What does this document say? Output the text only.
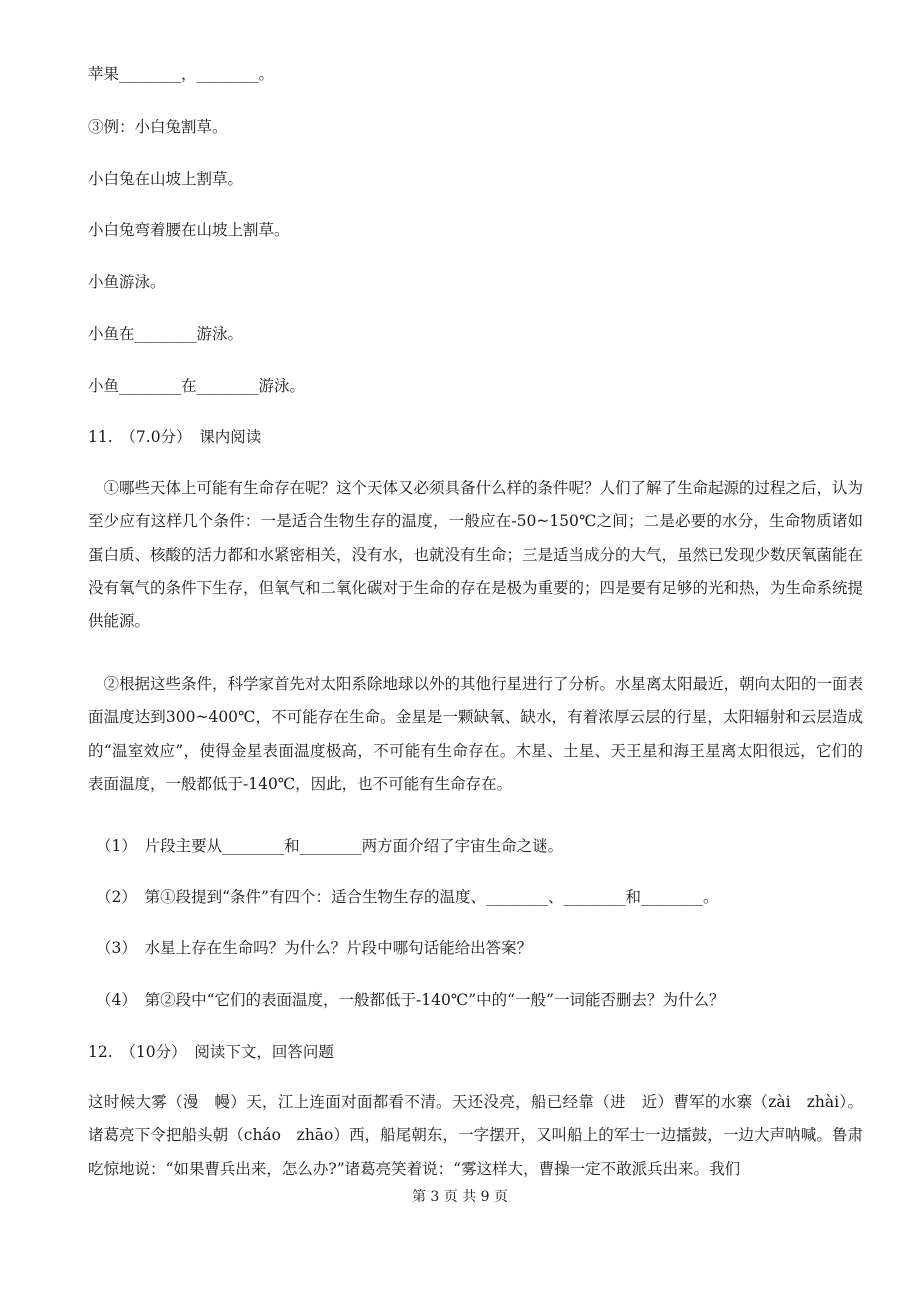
苹果________，________。

③例：小白兔割草。

小白兔在山坡上割草。

小白兔弯着腰在山坡上割草。

小鱼游泳。

小鱼在________游泳。

小鱼________在________游泳。

11.　（7.0分）　课内阅读

①哪些天体上可能有生命存在呢？这个天体又必须具备什么样的条件呢？人们了解了生命起源的过程之后，认为至少应有这样几个条件：一是适合生物生存的温度，一般应在-50~150℃之间；二是必要的水分，生命物质诸如蛋白质、核酸的活力都和水紧密相关，没有水，也就没有生命；三是适当成分的大气，虽然已发现少数厌氧菌能在没有氧气的条件下生存，但氧气和二氧化碳对于生命的存在是极为重要的；四是要有足够的光和热，为生命系统提供能源。

②根据这些条件，科学家首先对太阳系除地球以外的其他行星进行了分析。水星离太阳最近，朝向太阳的一面表面温度达到300~400℃，不可能存在生命。金星是一颗缺氧、缺水，有着浓厚云层的行星，太阳辐射和云层造成的“温室效应”，使得金星表面温度极高，不可能有生命存在。木星、土星、天王星和海王星离太阳很远，它们的表面温度，一般都低于-140℃，因此，也不可能有生命存在。

（1）　片段主要从________和________两方面介绍了宇宙生命之谜。

（2）　第①段提到“条件”有四个：适合生物生存的温度、________、________和________。

（3）　水星上存在生命吗？为什么？片段中哪句话能给出答案？

（4）　第②段中“它们的表面温度，一般都低于-140℃”中的“一般”一词能否删去？为什么？

12.　（10分）　阅读下文，回答问题

这时候大雾（漫　幔）天，江上连面对面都看不清。天还没亮，船已经靠（进　近）曹军的水寨（zài　zhài）。诸葛亮下令把船头朝（cháo　zhāo）西，船尾朝东，一字摆开，又叫船上的军士一边擂鼓，一边大声呐喊。鲁肃吃惊地说：“如果曹兵出来，怎么办?”诸葛亮笑着说：“雾这样大，曹操一定不敢派兵出来。我们

第 3 页 共 9 页
